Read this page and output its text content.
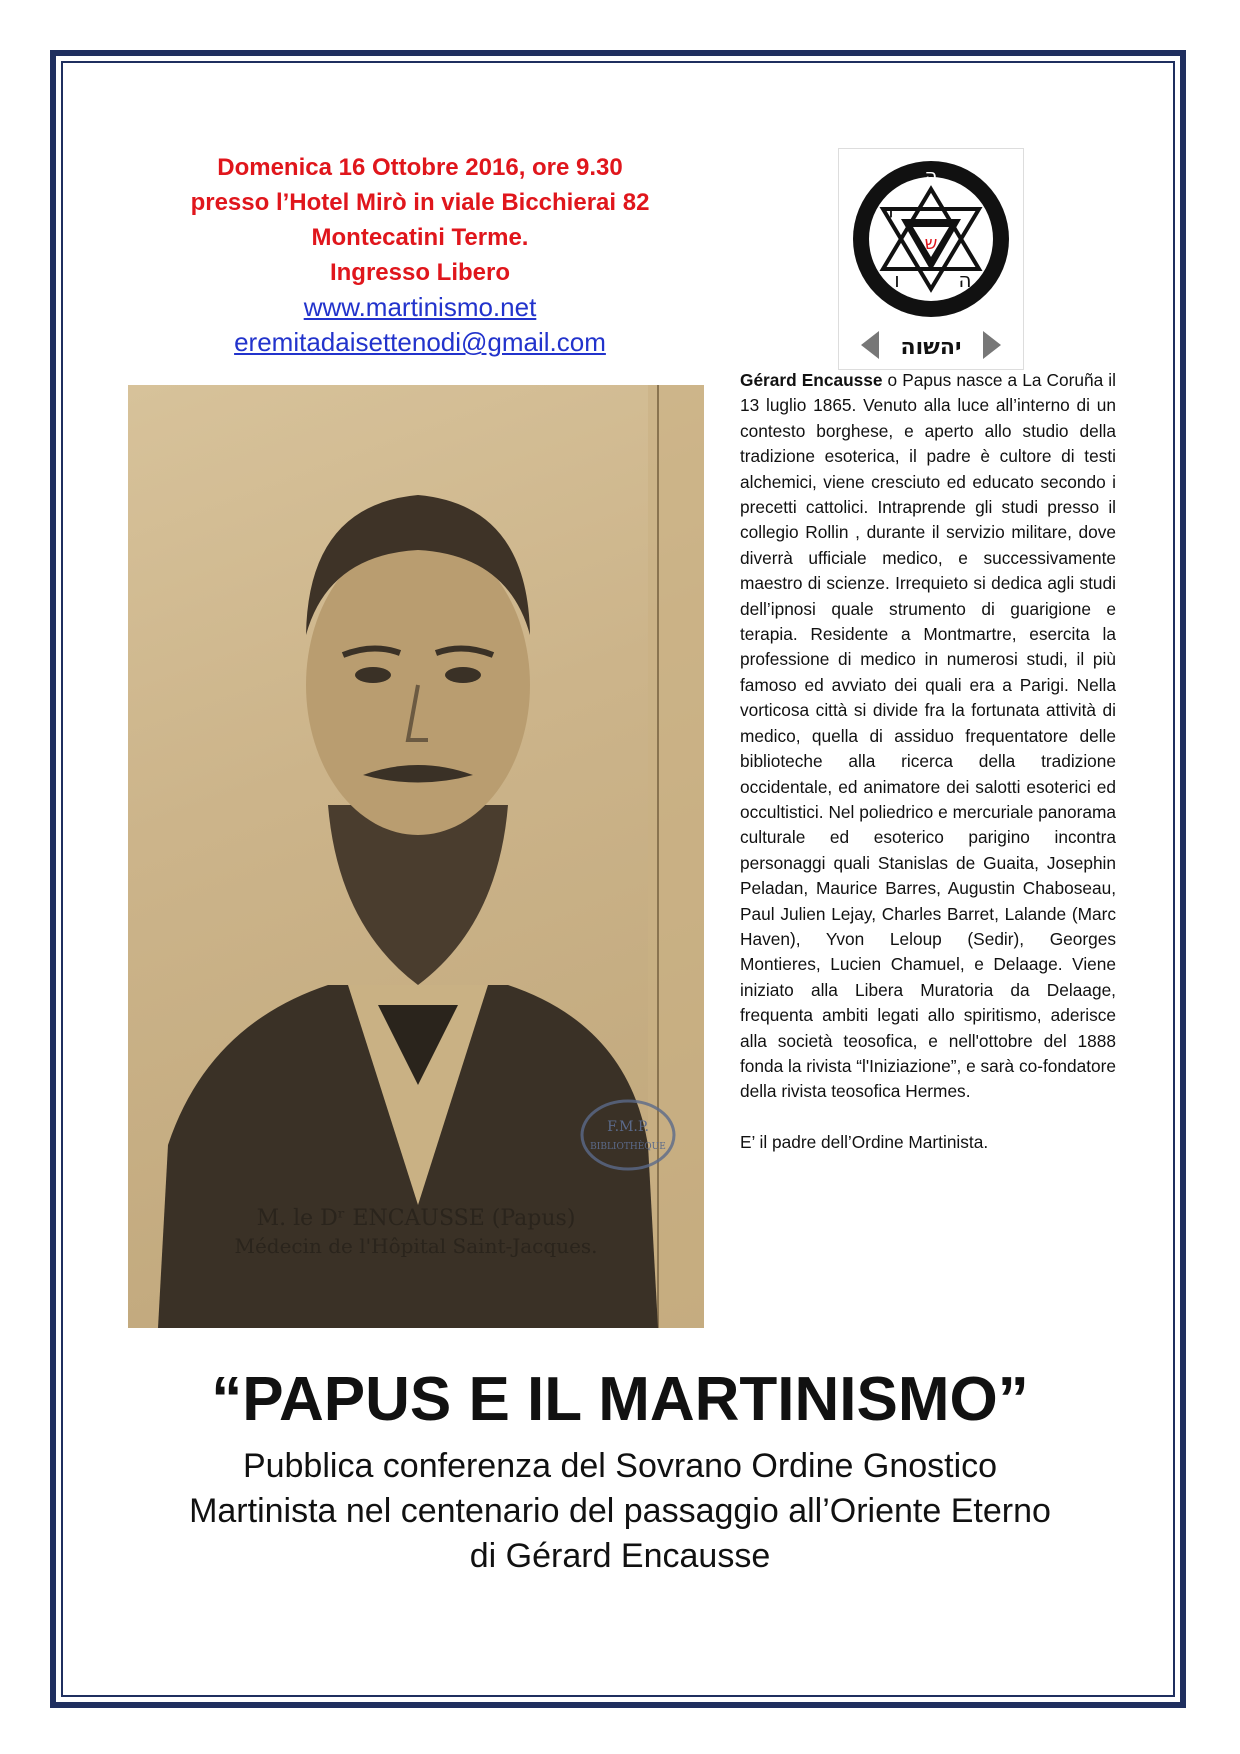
Domenica 16 Ottobre 2016, ore 9.30
presso l’Hotel Mirò in viale Bicchierai 82
Montecatini Terme.
Ingresso Libero
www.martinismo.net
eremitadaisettenodi@gmail.com
ה
י
ו	ה
ש
יהשוה
F.M.P.
BIBLIOTHÈQUE
M. le Dʳ ENCAUSSE (Papus)
Médecin de l'Hôpital Saint-Jacques.

Gérard Encausse o Papus nasce a La Coruña il 13 luglio 1865. Venuto alla luce all’interno di un contesto borghese, e aperto allo studio della tradizione esoterica, il padre è cultore di testi alchemici, viene cresciuto ed educato secondo i precetti cattolici. Intraprende gli studi presso il collegio Rollin , durante il servizio militare, dove diverrà ufficiale medico, e successivamente maestro di scienze. Irrequieto si dedica agli studi dell’ipnosi quale strumento di guarigione e terapia. Residente a Montmartre, esercita la professione di medico in numerosi studi, il più famoso ed avviato dei quali era a Parigi. Nella vorticosa città si divide fra la fortunata attività di medico, quella di assiduo frequentatore delle biblioteche alla ricerca della tradizione occidentale, ed animatore dei salotti esoterici ed occultistici. Nel poliedrico e mercuriale panorama culturale ed esoterico parigino incontra personaggi quali Stanislas de Guaita, Josephin Peladan, Maurice Barres, Augustin Chaboseau, Paul Julien Lejay, Charles Barret, Lalande (Marc Haven), Yvon Leloup (Sedir), Georges Montieres, Lucien Chamuel, e Delaage. Viene iniziato alla Libera Muratoria da Delaage, frequenta ambiti legati allo spiritismo, aderisce alla società teosofica, e nell'ottobre del 1888 fonda la rivista “l'Iniziazione”, e sarà co-fondatore della rivista teosofica Hermes.

E’ il padre dell’Ordine Martinista.

“PAPUS E IL MARTINISMO”
Pubblica conferenza del Sovrano Ordine Gnostico
Martinista nel centenario del passaggio all’Oriente Eterno
di Gérard Encausse
